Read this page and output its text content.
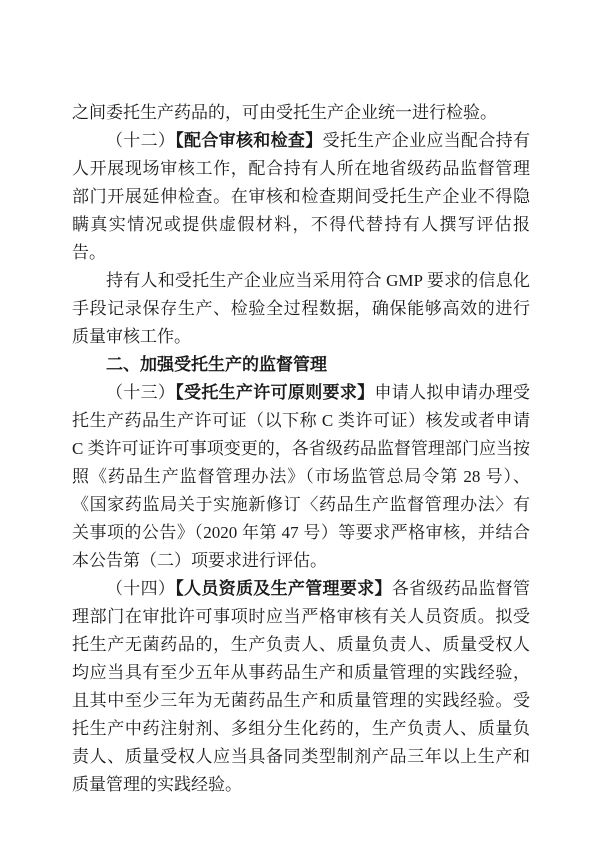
之间委托生产药品的，可由受托生产企业统一进行检验。

（十二）【配合审核和检查】受托生产企业应当配合持有人开展现场审核工作，配合持有人所在地省级药品监督管理部门开展延伸检查。在审核和检查期间受托生产企业不得隐瞒真实情况或提供虚假材料，不得代替持有人撰写评估报告。

持有人和受托生产企业应当采用符合 GMP 要求的信息化手段记录保存生产、检验全过程数据，确保能够高效的进行质量审核工作。

二、加强受托生产的监督管理

（十三）【受托生产许可原则要求】申请人拟申请办理受托生产药品生产许可证（以下称 C 类许可证）核发或者申请 C 类许可证许可事项变更的，各省级药品监督管理部门应当按照《药品生产监督管理办法》（市场监管总局令第 28 号）、《国家药监局关于实施新修订〈药品生产监督管理办法〉有关事项的公告》（2020 年第 47 号）等要求严格审核，并结合本公告第（二）项要求进行评估。

（十四）【人员资质及生产管理要求】各省级药品监督管理部门在审批许可事项时应当严格审核有关人员资质。拟受托生产无菌药品的，生产负责人、质量负责人、质量受权人均应当具有至少五年从事药品生产和质量管理的实践经验，且其中至少三年为无菌药品生产和质量管理的实践经验。受托生产中药注射剂、多组分生化药的，生产负责人、质量负责人、质量受权人应当具备同类型制剂产品三年以上生产和质量管理的实践经验。
